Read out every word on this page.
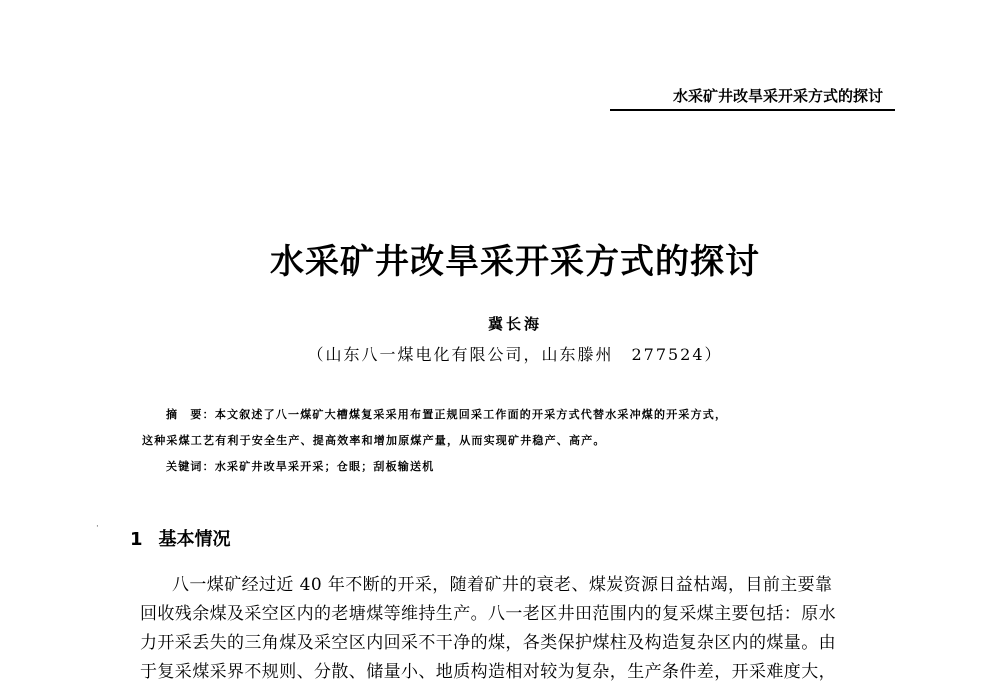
水采矿井改旱采开采方式的探讨
水采矿井改旱采开采方式的探讨
冀长海
（山东八一煤电化有限公司，山东滕州　277524）
摘　要：本文叙述了八一煤矿大槽煤复采采用布置正规回采工作面的开采方式代替水采冲煤的开采方式，
这种采煤工艺有利于安全生产、提高效率和增加原煤产量，从而实现矿井稳产、高产。
关键词：水采矿井改旱采开采；仓眼；刮板输送机
·
1 基本情况
八一煤矿经过近 40 年不断的开采，随着矿井的衰老、煤炭资源日益枯竭，目前主要靠
回收残余煤及采空区内的老塘煤等维持生产。八一老区井田范围内的复采煤主要包括：原水
力开采丢失的三角煤及采空区内回采不干净的煤，各类保护煤柱及构造复杂区内的煤量。由
于复采煤采界不规则、分散、储量小、地质构造相对较为复杂，生产条件差，开采难度大，
